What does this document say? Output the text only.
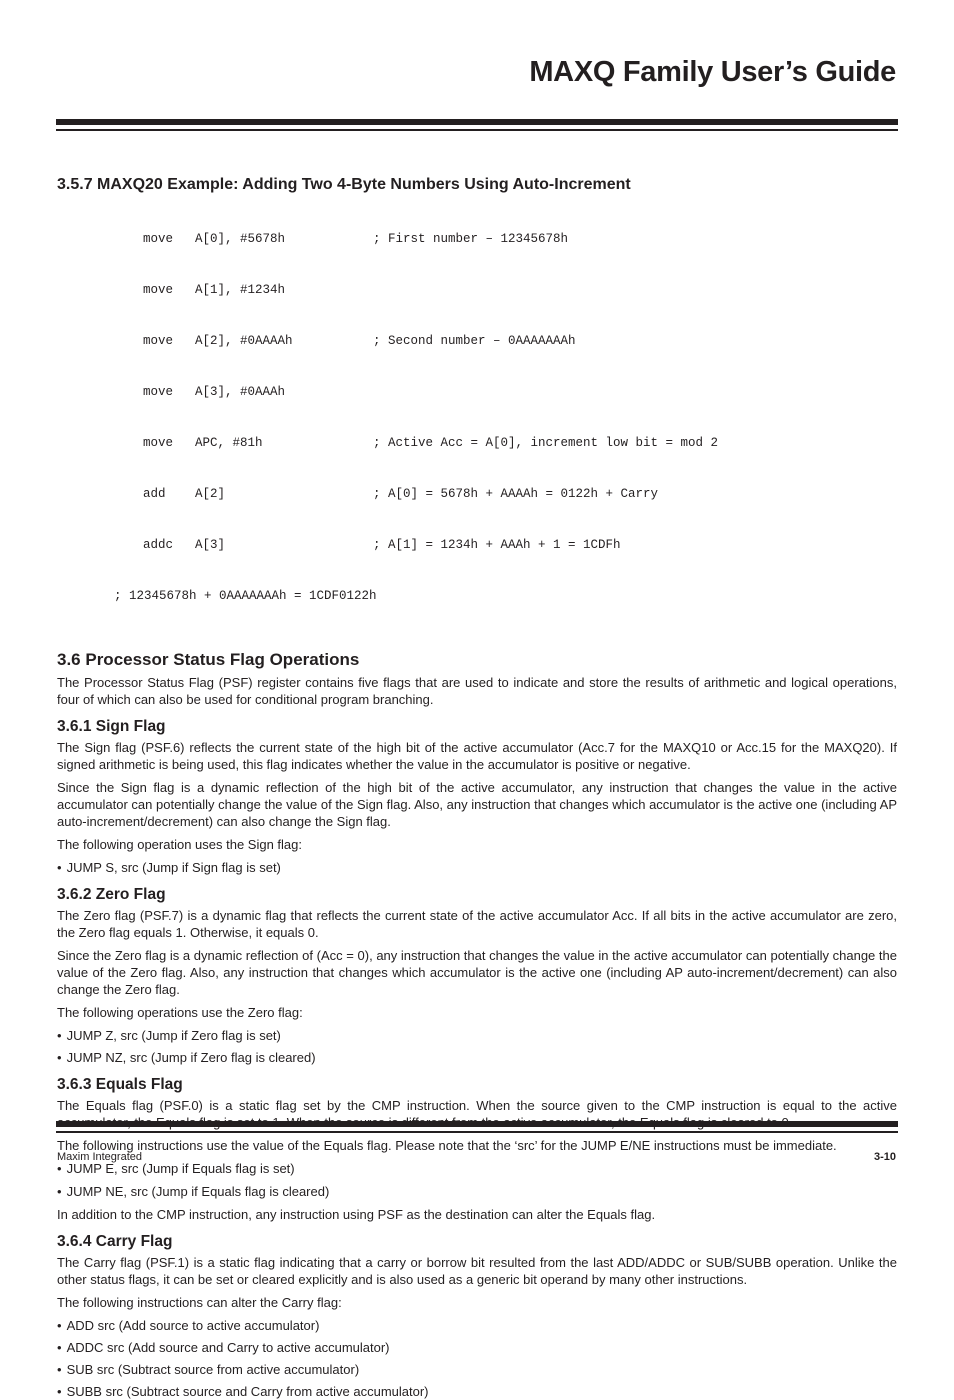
MAXQ Family User’s Guide
3.5.7 MAXQ20 Example: Adding Two 4-Byte Numbers Using Auto-Increment

move A[0], #5678h	; First number – 12345678h

move A[1], #1234h

move A[2], #0AAAAh	; Second number – 0AAAAAAAh

move A[3], #0AAAh

move APC, #81h	; Active Acc = A[0], increment low bit = mod 2

add A[2]	; A[0] = 5678h + AAAAh = 0122h + Carry

addc A[3]	; A[1] = 1234h + AAAh + 1 = 1CDFh

; 12345678h + 0AAAAAAAh = 1CDF0122h

3.6 Processor Status Flag Operations

The Processor Status Flag (PSF) register contains five flags that are used to indicate and store the results of arithmetic and logical operations, four of which can also be used for conditional program branching.

3.6.1 Sign Flag

The Sign flag (PSF.6) reflects the current state of the high bit of the active accumulator (Acc.7 for the MAXQ10 or Acc.15 for the MAXQ20). If signed arithmetic is being used, this flag indicates whether the value in the accumulator is positive or negative.

Since the Sign flag is a dynamic reflection of the high bit of the active accumulator, any instruction that changes the value in the active accumulator can potentially change the value of the Sign flag. Also, any instruction that changes which accumulator is the active one (including AP auto-increment/decrement) can also change the Sign flag.

The following operation uses the Sign flag:

• JUMP S, src (Jump if Sign flag is set)
3.6.2 Zero Flag

The Zero flag (PSF.7) is a dynamic flag that reflects the current state of the active accumulator Acc. If all bits in the active accumulator are zero, the Zero flag equals 1. Otherwise, it equals 0.

Since the Zero flag is a dynamic reflection of (Acc = 0), any instruction that changes the value in the active accumulator can potentially change the value of the Zero flag. Also, any instruction that changes which accumulator is the active one (including AP auto-increment/decrement) can also change the Zero flag.

The following operations use the Zero flag:

• JUMP Z, src (Jump if Zero flag is set)
• JUMP NZ, src (Jump if Zero flag is cleared)
3.6.3 Equals Flag

The Equals flag (PSF.0) is a static flag set by the CMP instruction. When the source given to the CMP instruction is equal to the active

The following instructions use the value of the Equals flag. Please note that the ‘src’ for the JUMP E/NE instructions must be immediate.

• JUMP E, src (Jump if Equals flag is set)
• JUMP NE, src (Jump if Equals flag is cleared)

In addition to the CMP instruction, any instruction using PSF as the destination can alter the Equals flag.

3.6.4 Carry Flag

The Carry flag (PSF.1) is a static flag indicating that a carry or borrow bit resulted from the last ADD/ADDC or SUB/SUBB operation. Unlike the other status flags, it can be set or cleared explicitly and is also used as a generic bit operand by many other instructions.

The following instructions can alter the Carry flag:

• ADD src (Add source to active accumulator)
• ADDC src (Add source and Carry to active accumulator)
• SUB src (Subtract source from active accumulator)
• SUBB src (Subtract source and Carry from active accumulator)
Maxim Integrated	3-10
